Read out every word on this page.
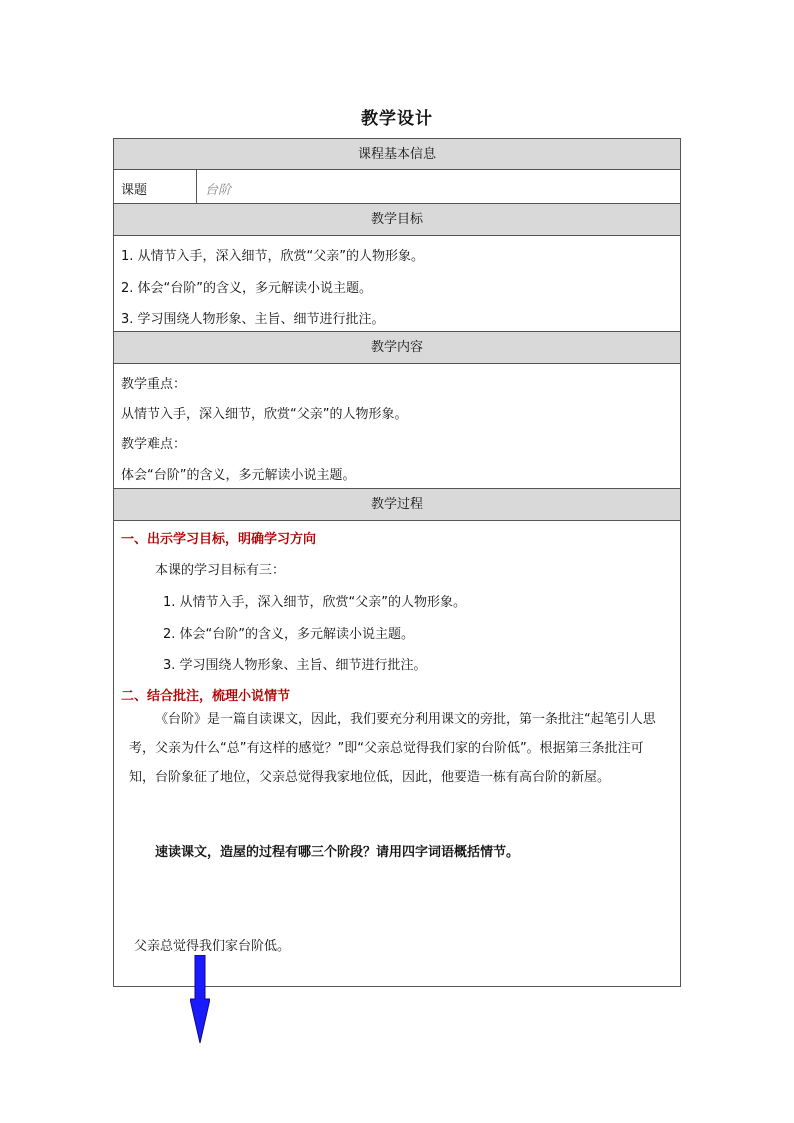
教学设计
课程基本信息
课题	台阶
教学目标
1. 从情节入手，深入细节，欣赏“父亲”的人物形象。
2. 体会“台阶”的含义，多元解读小说主题。
3. 学习围绕人物形象、主旨、细节进行批注。
教学内容
教学重点：
从情节入手，深入细节，欣赏“父亲”的人物形象。
教学难点：
体会“台阶”的含义，多元解读小说主题。
教学过程
一、出示学习目标，明确学习方向
本课的学习目标有三：
1. 从情节入手，深入细节，欣赏“父亲”的人物形象。
2. 体会“台阶”的含义，多元解读小说主题。
3. 学习围绕人物形象、主旨、细节进行批注。
二、结合批注，梳理小说情节
《台阶》是一篇自读课文，因此，我们要充分利用课文的旁批，第一条批注“起笔引人思考，父亲为什么“总”有这样的感觉？”即“父亲总觉得我们家的台阶低”。根据第三条批注可知，台阶象征了地位，父亲总觉得我家地位低，因此，他要造一栋有高台阶的新屋。
速读课文，造屋的过程有哪三个阶段？请用四字词语概括情节。
父亲总觉得我们家台阶低。
